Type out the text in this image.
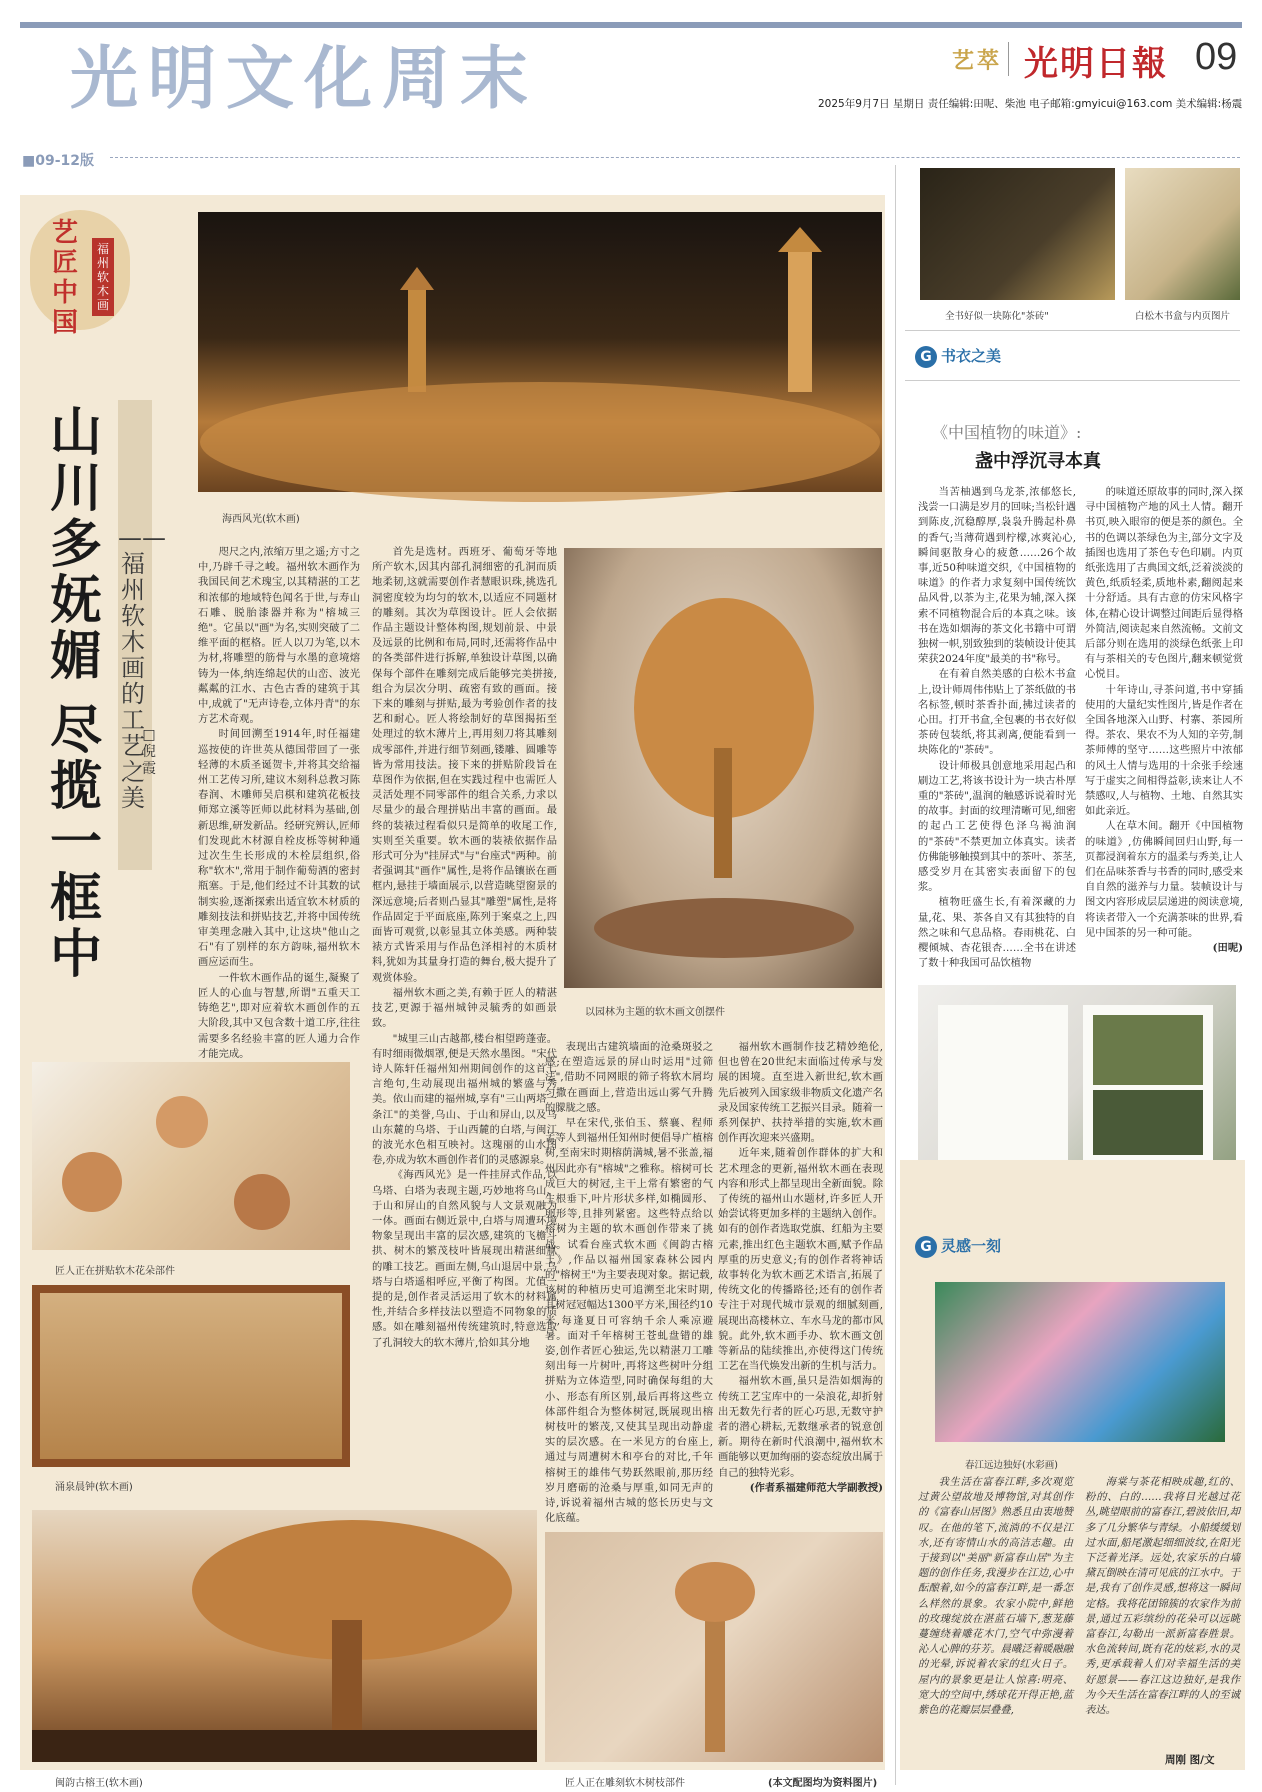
光明文化周末	艺萃 光明日報 09
2025年9月7日 星期日 责任编辑:田呢、柴池 电子邮箱:gmyicui@163.com 美术编辑:杨震
■09-12版
艺匠中国
福州软木画
山川多妩媚
尽揽一框中
——福州软木画的工艺之美
□倪霞
海西风光(软木画)
以园林为主题的软木画文创摆件
匠人正在拼贴软木花朵部件
涌泉晨钟(软木画)
闽韵古榕王(软木画)	匠人正在雕刻软木树枝部件	(本文配图均为资料图片)

咫尺之内,浓缩万里之遥;方寸之中,乃辟千寻之峻。福州软木画作为我国民间艺术瑰宝,以其精湛的工艺和浓郁的地域特色闻名于世,与寿山石雕、脱胎漆器并称为"榕城三绝"。它虽以"画"为名,实则突破了二维平面的框格。匠人以刀为笔,以木为材,将雕塑的筋骨与水墨的意境熔铸为一体,纳连绵起伏的山峦、波光粼粼的江水、古色古香的建筑于其中,成就了"无声诗卷,立体丹青"的东方艺术奇观。

时间回溯至1914年,时任福建巡按使的许世英从德国带回了一张轻薄的木质圣诞贺卡,并将其交给福州工艺传习所,建议木刻科总教习陈春润、木雕师吴启棋和建筑花板技师郑立溪等匠师以此材料为基础,创新思维,研发新品。经研究辨认,匠师们发现此木材源自栓皮栎等树种通过次生生长形成的木栓层组织,俗称"软木",常用于制作葡萄酒的密封瓶塞。于是,他们经过不计其数的试制实验,逐渐探索出适宜软木材质的雕刻技法和拼贴技艺,并将中国传统审美理念融入其中,让这块"他山之石"有了别样的东方韵味,福州软木画应运而生。

一件软木画作品的诞生,凝聚了匠人的心血与智慧,所谓"五重天工铸绝艺",即对应着软木画创作的五大阶段,其中又包含数十道工序,往往需要多名经验丰富的匠人通力合作才能完成。

首先是选材。西班牙、葡萄牙等地所产软木,因其内部孔洞细密的孔洞而质地柔韧,这就需要创作者慧眼识珠,挑选孔洞密度较为均匀的软木,以适应不同题材的雕刻。其次为草图设计。匠人会依据作品主题设计整体构图,规划前景、中景及远景的比例和布局,同时,还需将作品中的各类部件进行拆解,单独设计草图,以确保每个部件在雕刻完成后能够完美拼接,组合为层次分明、疏密有致的画面。接下来的雕刻与拼贴,最为考验创作者的技艺和耐心。匠人将绘制好的草图揭拓至处理过的软木薄片上,再用刻刀将其雕刻成零部件,并进行细节刻画,镂雕、圆雕等皆为常用技法。接下来的拼贴阶段旨在草图作为依据,但在实践过程中也需匠人灵活处理不同零部件的组合关系,力求以尽量少的最合理拼贴出丰富的画面。最终的装裱过程看似只是简单的收尾工作,实则至关重要。软木画的装裱依据作品形式可分为"挂屏式"与"台座式"两种。前者强调其"画作"属性,是将作品镶嵌在画框内,悬挂于墙面展示,以营造眺望窗景的深远意境;后者则凸显其"雕塑"属性,是将作品固定于平面底座,陈列于案桌之上,四面皆可观赏,以彰显其立体美感。两种装裱方式皆采用与作品色泽相衬的木质材料,犹如为其量身打造的舞台,极大提升了观赏体验。

福州软木画之美,有赖于匠人的精湛技艺,更源于福州城钟灵毓秀的如画景致。

"城里三山古越都,楼台相望跨蓬壶。有时细雨微烟罩,便是天然水墨图。"宋代诗人陈轩任福州知州期间创作的这首七言绝句,生动展现出福州城的繁盛与秀美。依山而建的福州城,享有"三山两塔一条江"的美誉,乌山、于山和屏山,以及乌山东麓的乌塔、于山西麓的白塔,与闽江的波光水色相互映衬。这瑰丽的山水图卷,亦成为软木画创作者们的灵感源泉。

《海西风光》是一件挂屏式作品,以乌塔、白塔为表现主题,巧妙地将乌山、于山和屏山的自然风貌与人文景观融为一体。画面右侧近景中,白塔与周遭环境物象呈现出丰富的层次感,建筑的飞檐斗拱、树木的繁茂枝叶皆展现出精湛细腻的雕工技艺。画面左侧,乌山退居中景,乌塔与白塔遥相呼应,平衡了构图。尤值一提的是,创作者灵活运用了软木的材料属性,并结合多样技法以塑造不同物象的质感。如在雕刻福州传统建筑时,特意选取了孔洞较大的软木薄片,恰如其分地

表现出古建筑墙面的沧桑斑驳之感;在塑造远景的屏山时运用"过筛法",借助不同网眼的筛子将软木屑均匀撒在画面上,营造出远山雾气升腾的朦胧之感。

早在宋代,张伯玉、蔡襄、程师孟等人到福州任知州时便倡导广植榕树,至南宋时期榕荫满城,暑不张盖,福州因此亦有"榕城"之雅称。榕树可长成巨大的树冠,主干上常有繁密的气生根垂下,叶片形状多样,如椭圆形、卵形等,且排列紧密。这些特点给以榕树为主题的软木画创作带来了挑战。试看台座式软木画《闽韵古榕王》,作品以福州国家森林公园内的"榕树王"为主要表现对象。据记载,该树的种植历史可追溯至北宋时期,其树冠冠幅达1300平方米,围径约10米,每逢夏日可容纳千余人乘凉避暑。面对千年榕树王苍虬盘错的雄姿,创作者匠心独运,先以精湛刀工雕刻出每一片树叶,再将这些树叶分组拼贴为立体造型,同时确保每组的大小、形态有所区别,最后再将这些立体部件组合为整体树冠,既展现出榕树枝叶的繁茂,又使其呈现出动静虚实的层次感。在一米见方的台座上,通过与周遭树木和亭台的对比,千年榕树王的雄伟气势跃然眼前,那历经岁月磨砺的沧桑与厚重,如同无声的诗,诉说着福州古城的悠长历史与文化底蕴。

福州软木画制作技艺精妙绝伦,但也曾在20世纪末面临过传承与发展的困境。直至进入新世纪,软木画先后被列入国家级非物质文化遗产名录及国家传统工艺振兴目录。随着一系列保护、扶持举措的实施,软木画创作再次迎来兴盛期。

近年来,随着创作群体的扩大和艺术理念的更新,福州软木画在表现内容和形式上都呈现出全新面貌。除了传统的福州山水题材,许多匠人开始尝试将更加多样的主题纳入创作。如有的创作者选取党旗、红船为主要元素,推出红色主题软木画,赋予作品厚重的历史意义;有的创作者将神话故事转化为软木画艺术语言,拓展了传统文化的传播路径;还有的创作者专注于对现代城市景观的细腻刻画,展现出高楼林立、车水马龙的都市风貌。此外,软木画手办、软木画文创等新品的陆续推出,亦使得这门传统工艺在当代焕发出新的生机与活力。

福州软木画,虽只是浩如烟海的传统工艺宝库中的一朵浪花,却折射出无数先行者的匠心巧思,无数守护者的潜心耕耘,无数继承者的锐意创新。期待在新时代浪潮中,福州软木画能够以更加绚丽的姿态绽放出属于自己的独特光彩。

(作者系福建师范大学副教授)

全书好似一块陈化"茶砖"	白松木书盒与内页图片
G 书衣之美
《中国植物的味道》:
盏中浮沉寻本真

当苦柚遇到乌龙茶,浓郁悠长,浅尝一口满是岁月的回味;当松针遇到陈皮,沉稳醇厚,袅袅升腾起朴鼻的香气;当薄荷遇到柠檬,冰爽沁心,瞬间驱散身心的疲惫……26个故事,近50种味道交织,《中国植物的味道》的作者力求复刻中国传统饮品风骨,以茶为主,花果为辅,深入探索不同植物混合后的本真之味。该书在选如烟海的茶文化书籍中可谓独树一帜,别致独到的装帧设计使其荣获2024年度"最美的书"称号。

在有着自然美感的白松木书盒上,设计师周伟伟贴上了茶纸做的书名标签,顿时茶香扑面,拂过读者的心田。打开书盒,全包裹的书衣好似茶砖包装纸,将其剥离,便能看到一块陈化的"茶砖"。

设计师极具创意地采用起凸和刷边工艺,将该书设计为一块古朴厚重的"茶砖",温润的触感诉说着时光的故事。封面的纹理清晰可见,细密的起凸工艺使得色泽乌褐油润的"茶砖"不禁更加立体真实。读者仿佛能够触摸到其中的茶叶、茶茎,感受岁月在其密实表面留下的包浆。

植物旺盛生长,有着深藏的力量,花、果、茶各自又有其独特的自然之味和气息品格。春雨桃花、白樱倾城、杏花银杏……全书在讲述了数十种我国可品饮植物

的味道还原故事的同时,深入探寻中国植物产地的风土人情。翻开书页,映入眼帘的便是茶的颜色。全书的色调以茶绿色为主,部分文字及插图也选用了茶色专色印刷。内页纸张选用了古典国文纸,泛着淡淡的黄色,纸质轻柔,质地朴素,翻阅起来十分舒适。具有古意的仿宋风格字体,在精心设计调整过间距后显得格外简洁,阅读起来自然流畅。文前文后部分则在选用的淡绿色纸张上印有与茶相关的专色图片,翻来顿觉赏心悦目。

十年诗山,寻茶问道,书中穿插使用的大量纪实性图片,皆是作者在全国各地深入山野、村寨、茶园所得。茶农、果农不为人知的辛劳,制茶师傅的坚守……这些照片中浓郁的风土人情与选用的十余张手绘速写于虚实之间相得益彰,读来让人不禁感叹,人与植物、土地、自然其实如此亲近。

人在草木间。翻开《中国植物的味道》,仿佛瞬间回归山野,每一页都浸润着东方的温柔与秀美,让人们在品味茶香与书香的同时,感受来自自然的滋养与力量。装帧设计与图文内容形成层层递进的阅读意境,将读者带入一个充满茶味的世界,看见中国茶的另一种可能。

(田呢)

G 灵感一刻
春江远边独好(水彩画)

我生活在富春江畔,多次观览过黄公望故地及博物馆,对其创作的《富春山居图》熟悉且由衷地赞叹。在他的笔下,流淌的不仅是江水,还有寄情山水的高洁志趣。由于接到以"美丽"新富春山居"为主题的创作任务,我漫步在江边,心中酝酿着,如今的富春江畔,是一番怎么样然的景象。农家小院中,鲜艳的玫瑰绽放在湛蓝石墙下,葱茏藤蔓缠绕着雕花木门,空气中弥漫着沁人心脾的芬芳。晨曦泛着暖融融的光晕,诉说着农家的红火日子。屋内的景象更是让人惊喜:明亮、宽大的空间中,绣球花开得正艳,蓝紫色的花瓣层层叠叠,

海棠与茶花相映成趣,红的、粉的、白的……我将目光越过花丛,眺望眼前的富春江,碧波依旧,却多了几分繁华与青绿。小船缓缓划过水面,船尾激起细细波纹,在阳光下泛着光泽。远处,农家乐的白墙黛瓦倒映在清可见底的江水中。于是,我有了创作灵感,想将这一瞬间定格。我将花团锦簇的农家作为前景,通过五彩缤纷的花朵可以远眺富春江,勾勒出一派新富春胜景。水色流转间,既有花的炫彩,水的灵秀,更承载着人们对幸福生活的美好愿景——春江这边独好,是我作为今天生活在富春江畔的人的至诚表达。

周刚 图/文
